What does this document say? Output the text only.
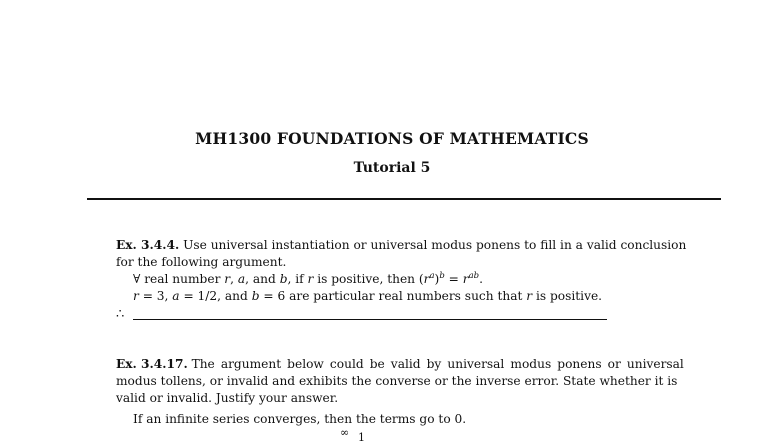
MH1300 FOUNDATIONS OF MATHEMATICS
Tutorial 5
Ex. 3.4.4. Use universal instantiation or universal modus ponens to fill in a valid conclusion
for the following argument.
∀ real number r, a, and b, if r is positive, then $(r^a)^b = r^{ab}$.
r = 3, a = 1/2, and b = 6 are particular real numbers such that r is positive.
∴
Ex. 3.4.17. The argument below could be valid by universal modus ponens or universal
modus tollens, or invalid and exhibits the converse or the inverse error. State whether it is
valid or invalid. Justify your answer.
If an infinite series converges, then the terms go to 0.
∞ 1
